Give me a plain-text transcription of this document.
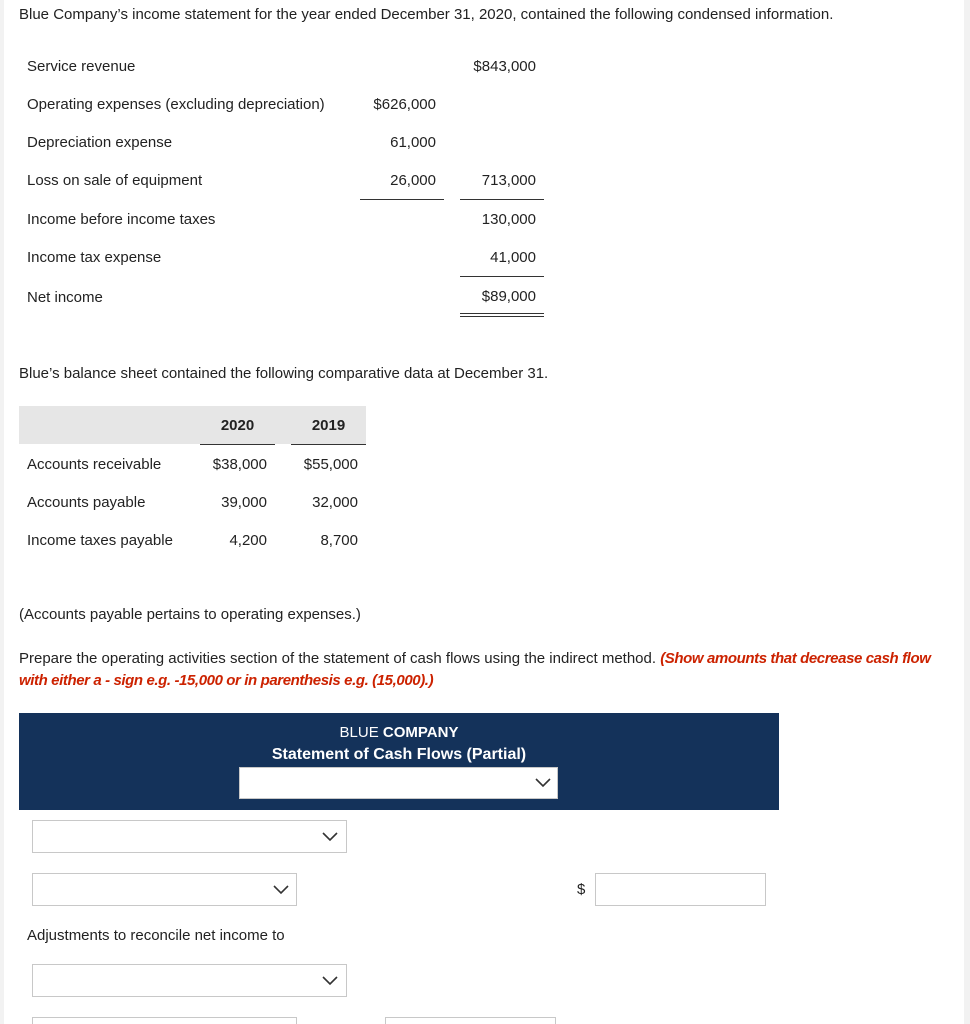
Blue Company’s income statement for the year ended December 31, 2020, contained the following condensed information.
Service revenue	$843,000
Operating expenses (excluding depreciation)	$626,000
Depreciation expense	61,000
Loss on sale of equipment	26,000	713,000
Income before income taxes	130,000
Income tax expense	41,000
Net income	$89,000
Blue’s balance sheet contained the following comparative data at December 31.
2020	2019
Accounts receivable	$38,000	$55,000
Accounts payable	39,000	32,000
Income taxes payable	4,200	8,700
(Accounts payable pertains to operating expenses.)
Prepare the operating activities section of the statement of cash flows using the indirect method. (Show amounts that decrease cash flow
with either a - sign e.g. -15,000 or in parenthesis e.g. (15,000).)
BLUE COMPANY
Statement of Cash Flows (Partial)
$
Adjustments to reconcile net income to
